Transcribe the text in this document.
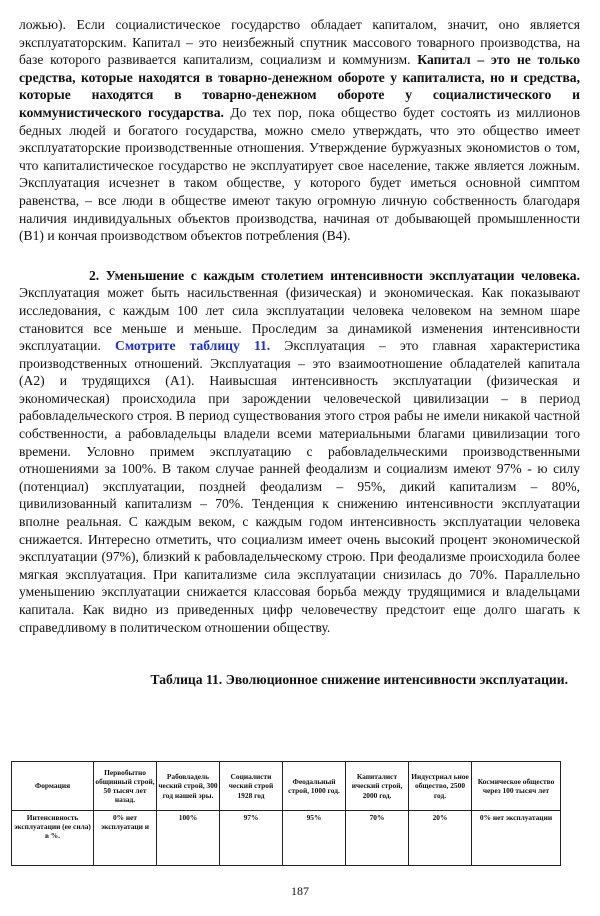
ложью). Если социалистическое государство обладает капиталом, значит, оно является эксплуататорским. Капитал – это неизбежный спутник массового товарного производства, на базе которого развивается капитализм, социализм и коммунизм. Капитал – это не только средства, которые находятся в товарно-денежном обороте у капиталиста, но и средства, которые находятся в товарно-денежном обороте у социалистического и коммунистического государства. До тех пор, пока общество будет состоять из миллионов бедных людей и богатого государства, можно смело утверждать, что это общество имеет эксплуататорские производственные отношения. Утверждение буржуазных экономистов о том, что капиталистическое государство не эксплуатирует свое население, также является ложным. Эксплуатация исчезнет в таком обществе, у которого будет иметься основной симптом равенства, – все люди в обществе имеют такую огромную личную собственность благодаря наличия индивидуальных объектов производства, начиная от добывающей промышленности (В1) и кончая производством объектов потребления (В4).

2. Уменьшение с каждым столетием интенсивности эксплуатации человека. Эксплуатация может быть насильственная (физическая) и экономическая. Как показывают исследования, с каждым 100 лет сила эксплуатации человека человеком на земном шаре становится все меньше и меньше. Проследим за динамикой изменения интенсивности эксплуатации. Смотрите таблицу 11. Эксплуатация – это главная характеристика производственных отношений. Эксплуатация – это взаимоотношение обладателей капитала (А2) и трудящихся (А1). Наивысшая интенсивность эксплуатации (физическая и экономическая) происходила при зарождении человеческой цивилизации – в период рабовладельческого строя. В период существования этого строя рабы не имели никакой частной собственности, а рабовладельцы владели всеми материальными благами цивилизации того времени. Условно примем эксплуатацию с рабовладельческими производственными отношениями за 100%. В таком случае ранней феодализм и социализм имеют 97% - ю силу (потенциал) эксплуатации, поздней феодализм – 95%, дикий капитализм – 80%, цивилизованный капитализм – 70%. Тенденция к снижению интенсивности эксплуатации вполне реальная. С каждым веком, с каждым годом интенсивность эксплуатации человека снижается. Интересно отметить, что социализм имеет очень высокий процент экономической эксплуатации (97%), близкий к рабовладельческому строю. При феодализме происходила более мягкая эксплуатация. При капитализме сила эксплуатации снизилась до 70%. Параллельно уменьшению эксплуатации снижается классовая борьба между трудящимися и владельцами капитала. Как видно из приведенных цифр человечеству предстоит еще долго шагать к справедливому в политическом отношении обществу.

Таблица 11. Эволюционное снижение интенсивности эксплуатации.
Формация	Первобытно общинный строй, 50 тысяч лет назад.	Рабовладель ческий строй, 300 год нашей эры.	Социалисти ческий строй 1928 год	Феодальный строй, 1000 год.	Капиталист ический строй, 2000 год.	Индустриал ьное общество, 2500 год.	Космическое общество через 100 тысяч лет
Интенсивность эксплуатации (ее сила) в %.	0% нет эксплуатаци и	100%	97%	95%	70%	20%	0% нет эксплуатации
187
